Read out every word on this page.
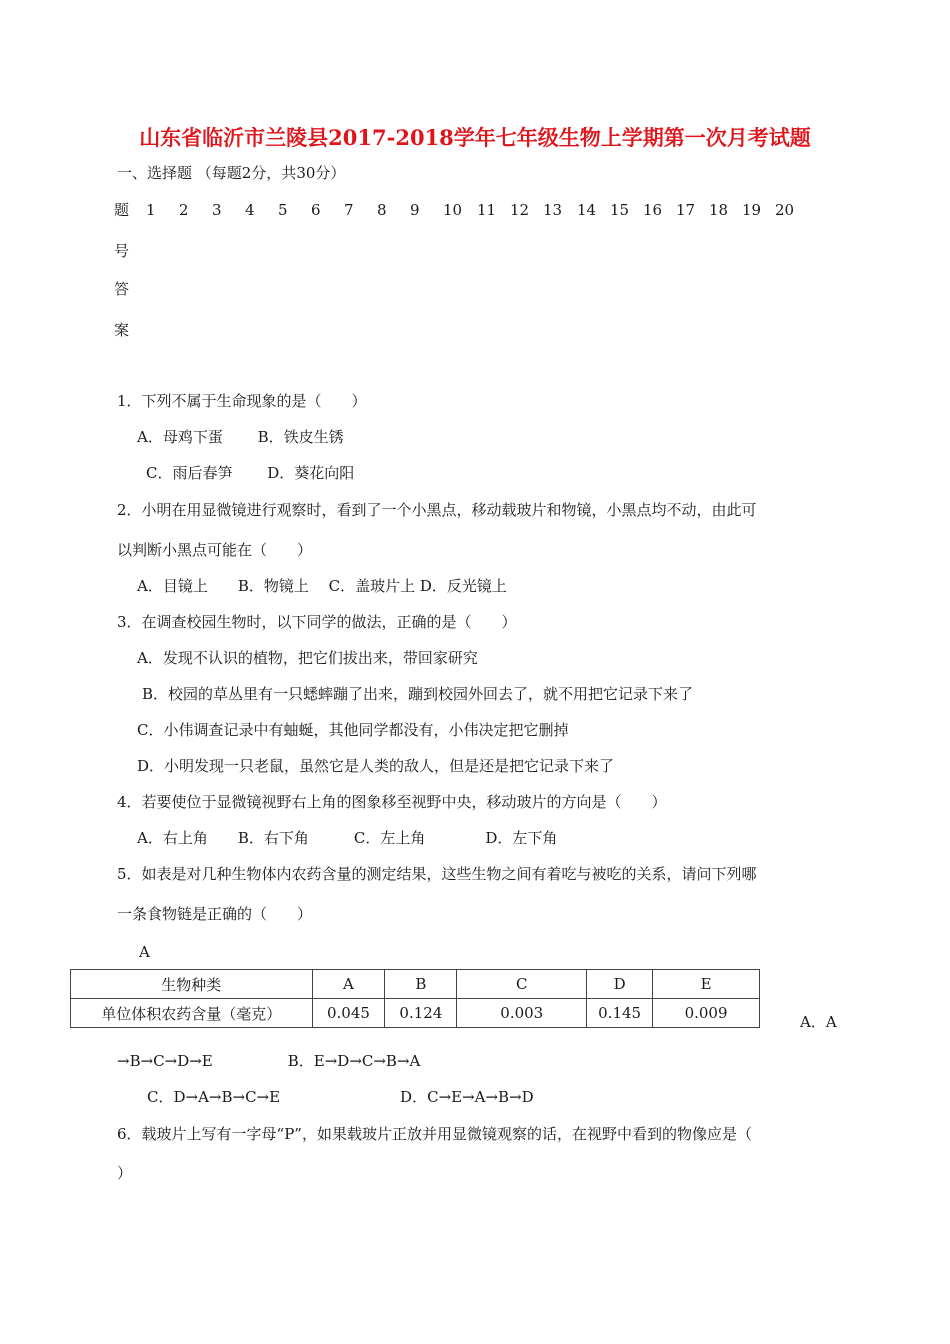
山东省临沂市兰陵县2017-2018学年七年级生物上学期第一次月考试题
一、选择题 （每题2分，共30分）
题
号
答
案
1 2 3 4 5 6 7 8 9 10 11 12 13 14 15 16 17 18 19 20
1．下列不属于生命现象的是（　　）
A．母鸡下蛋　　 B．铁皮生锈
C．雨后春笋　　 D．葵花向阳
2．小明在用显微镜进行观察时，看到了一个小黑点，移动载玻片和物镜，小黑点均不动，由此可
以判断小黑点可能在（　　）
A．目镜上　　B．物镜上　 C．盖玻片上 D．反光镜上
3．在调查校园生物时，以下同学的做法，正确的是（　　）
A．发现不认识的植物，把它们拔出来，带回家研究
B．校园的草丛里有一只蟋蟀蹦了出来，蹦到校园外回去了，就不用把它记录下来了
C．小伟调查记录中有蚰蜒，其他同学都没有，小伟决定把它删掉
D．小明发现一只老鼠，虽然它是人类的敌人，但是还是把它记录下来了
4．若要使位于显微镜视野右上角的图象移至视野中央，移动玻片的方向是（　　）
A．右上角　　B．右下角　　　C．左上角　　　　D．左下角
5．如表是对几种生物体内农药含量的测定结果，这些生物之间有着吃与被吃的关系，请问下列哪
一条食物链是正确的（　　）
A
生物种类	A	B	C	D	E
单位体积农药含量（毫克）	0.045	0.124	0.003	0.145	0.009	A．A
→B→C→D→E　　　　　B．E→D→C→B→A
C．D→A→B→C→E　　　　　　　　D．C→E→A→B→D
6．载玻片上写有一字母“P”，如果载玻片正放并用显微镜观察的话，在视野中看到的物像应是（
）
